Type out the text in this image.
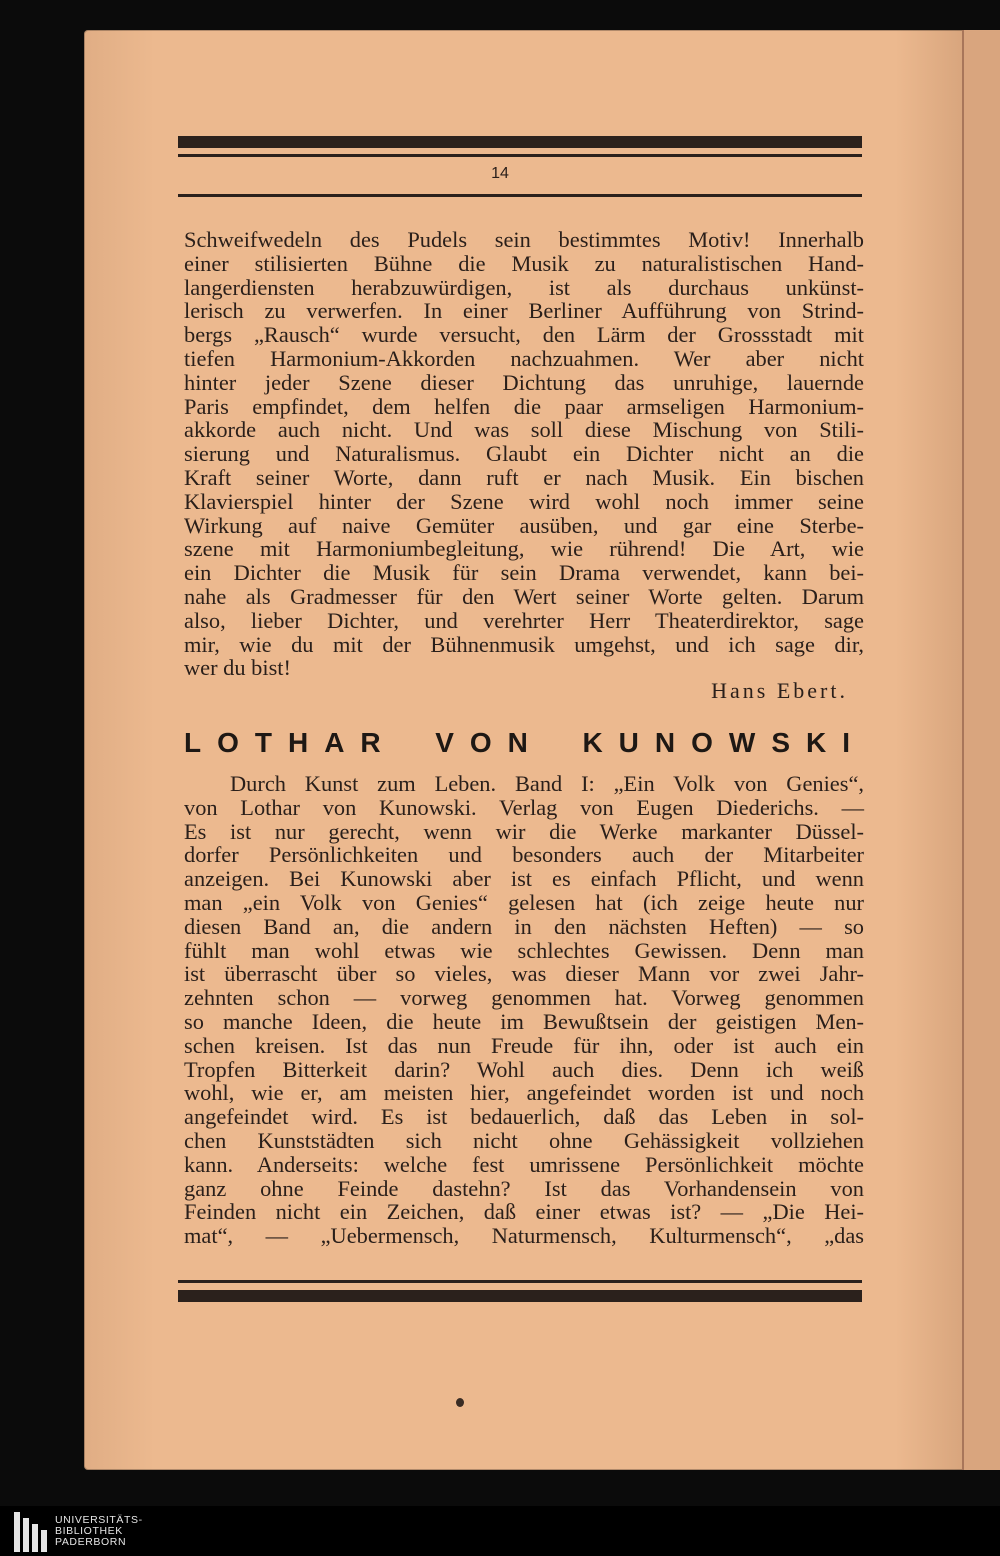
14
Schweifwedeln des Pudels sein bestimmtes Motiv! Innerhalb
einer stilisierten Bühne die Musik zu naturalistischen Hand-
langerdiensten herabzuwürdigen, ist als durchaus unkünst-
lerisch zu verwerfen. In einer Berliner Aufführung von Strind-
bergs „Rausch“ wurde versucht, den Lärm der Grossstadt mit
tiefen Harmonium-Akkorden nachzuahmen. Wer aber nicht
hinter jeder Szene dieser Dichtung das unruhige, lauernde
Paris empfindet, dem helfen die paar armseligen Harmonium-
akkorde auch nicht. Und was soll diese Mischung von Stili-
sierung und Naturalismus. Glaubt ein Dichter nicht an die
Kraft seiner Worte, dann ruft er nach Musik. Ein bischen
Klavierspiel hinter der Szene wird wohl noch immer seine
Wirkung auf naive Gemüter ausüben, und gar eine Sterbe-
szene mit Harmoniumbegleitung, wie rührend! Die Art, wie
ein Dichter die Musik für sein Drama verwendet, kann bei-
nahe als Gradmesser für den Wert seiner Worte gelten. Darum
also, lieber Dichter, und verehrter Herr Theaterdirektor, sage
mir, wie du mit der Bühnenmusik umgehst, und ich sage dir,
wer du bist!
Hans Ebert.
LOTHAR VON KUNOWSKI
Durch Kunst zum Leben. Band I: „Ein Volk von Genies“,
von Lothar von Kunowski. Verlag von Eugen Diederichs. —
Es ist nur gerecht, wenn wir die Werke markanter Düssel-
dorfer Persönlichkeiten und besonders auch der Mitarbeiter
anzeigen. Bei Kunowski aber ist es einfach Pflicht, und wenn
man „ein Volk von Genies“ gelesen hat (ich zeige heute nur
diesen Band an, die andern in den nächsten Heften) — so
fühlt man wohl etwas wie schlechtes Gewissen. Denn man
ist überrascht über so vieles, was dieser Mann vor zwei Jahr-
zehnten schon — vorweg genommen hat. Vorweg genommen
so manche Ideen, die heute im Bewußtsein der geistigen Men-
schen kreisen. Ist das nun Freude für ihn, oder ist auch ein
Tropfen Bitterkeit darin? Wohl auch dies. Denn ich weiß
wohl, wie er, am meisten hier, angefeindet worden ist und noch
angefeindet wird. Es ist bedauerlich, daß das Leben in sol-
chen Kunststädten sich nicht ohne Gehässigkeit vollziehen
kann. Anderseits: welche fest umrissene Persönlichkeit möchte
ganz ohne Feinde dastehn? Ist das Vorhandensein von
Feinden nicht ein Zeichen, daß einer etwas ist? — „Die Hei-
mat“, — „Uebermensch, Naturmensch, Kulturmensch“, „das
UNIVERSITÄTS-
BIBLIOTHEK
PADERBORN
